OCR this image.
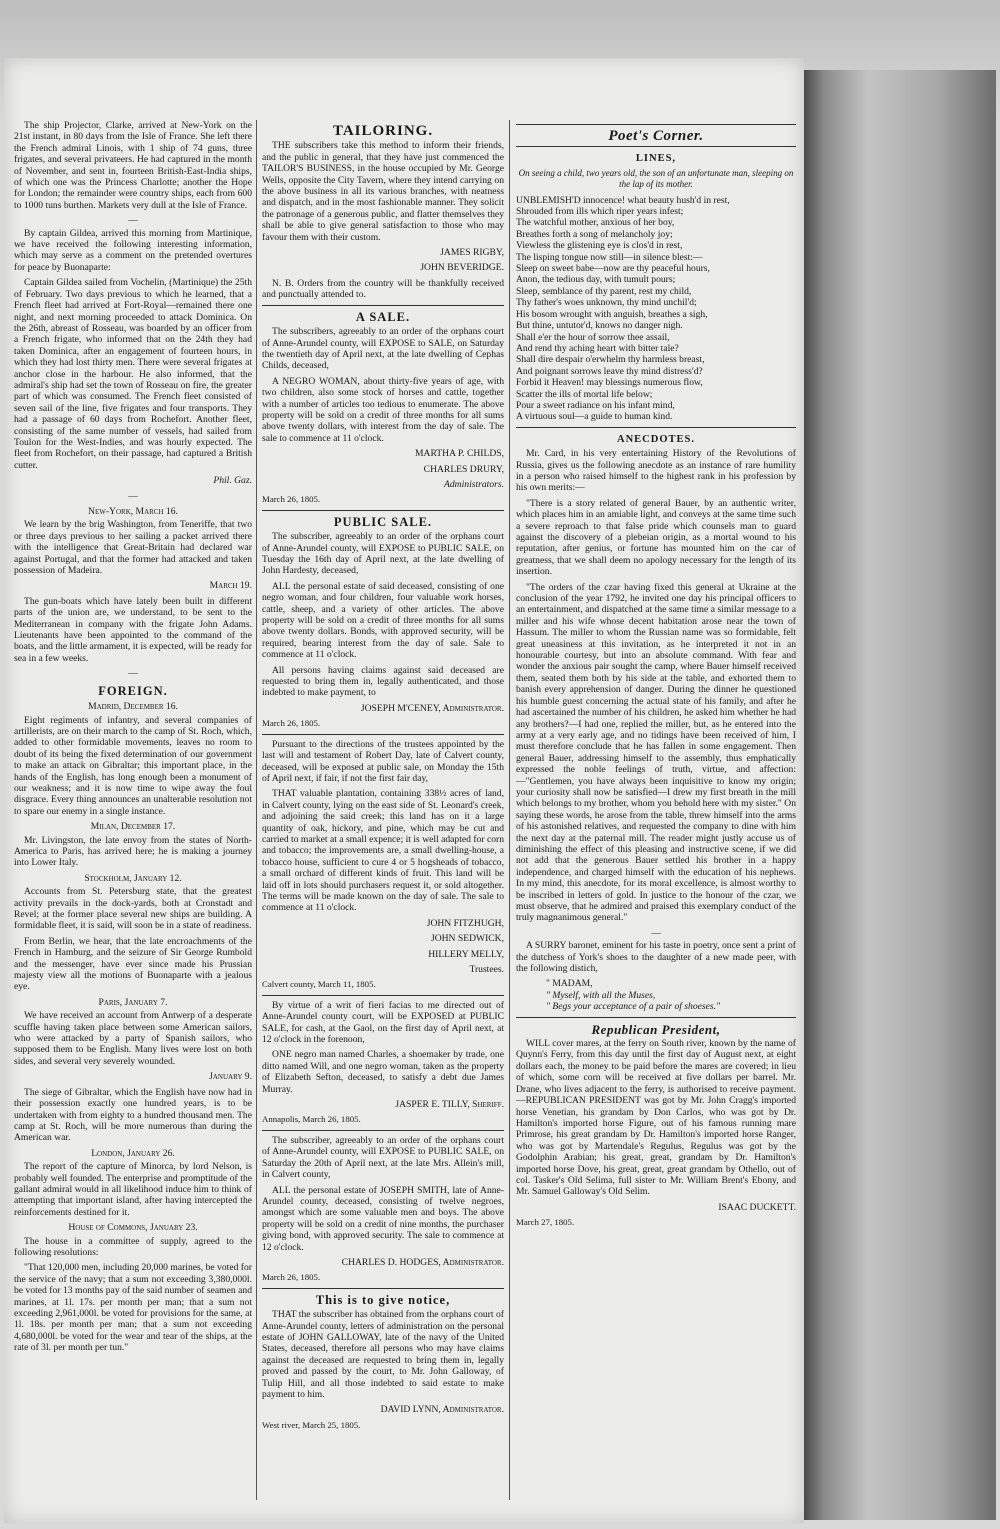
The ship Projector, Clarke, arrived at New-York on the 21st instant, in 80 days from the Isle of France. She left there the French admiral Linois, with 1 ship of 74 guns, three frigates, and several privateers. He had captured in the month of November, and sent in, fourteen British-East-India ships, of which one was the Princess Charlotte; another the Hope for London; the remainder were country ships, each from 600 to 1000 tuns burthen. Markets very dull at the Isle of France.

—

By captain Gildea, arrived this morning from Martinique, we have received the following interesting information, which may serve as a comment on the pretended overtures for peace by Buonaparte:

Captain Gildea sailed from Vochelin, (Martinique) the 25th of February. Two days previous to which he learned, that a French fleet had arrived at Fort-Royal—remained there one night, and next morning proceeded to attack Dominica. On the 26th, abreast of Rosseau, was boarded by an officer from a French frigate, who informed that on the 24th they had taken Dominica, after an engagement of fourteen hours, in which they had lost thirty men. There were several frigates at anchor close in the harbour. He also informed, that the admiral's ship had set the town of Rosseau on fire, the greater part of which was consumed. The French fleet consisted of seven sail of the line, five frigates and four transports. They had a passage of 60 days from Rochefort. Another fleet, consisting of the same number of vessels, had sailed from Toulon for the West-Indies, and was hourly expected. The fleet from Rochefort, on their passage, had captured a British cutter.

Phil. Gaz.

—

New-York, March 16.

We learn by the brig Washington, from Teneriffe, that two or three days previous to her sailing a packet arrived there with the intelligence that Great-Britain had declared war against Portugal, and that the former had attacked and taken possession of Madeira.

March 19.

The gun-boats which have lately been built in different parts of the union are, we understand, to be sent to the Mediterranean in company with the frigate John Adams. Lieutenants have been appointed to the command of the boats, and the little armament, it is expected, will be ready for sea in a few weeks.

—

FOREIGN.

Madrid, December 16.

Eight regiments of infantry, and several companies of artillerists, are on their march to the camp of St. Roch, which, added to other formidable movements, leaves no room to doubt of its being the fixed determination of our government to make an attack on Gibraltar; this important place, in the hands of the English, has long enough been a monument of our weakness; and it is now time to wipe away the foul disgrace. Every thing announces an unalterable resolution not to spare our enemy in a single instance.

Milan, December 17.

Mr. Livingston, the late envoy from the states of North-America to Paris, has arrived here; he is making a journey into Lower Italy.

Stockholm, January 12.

Accounts from St. Petersburg state, that the greatest activity prevails in the dock-yards, both at Cronstadt and Revel; at the former place several new ships are building. A formidable fleet, it is said, will soon be in a state of readiness.

From Berlin, we hear, that the late encroachments of the French in Hamburg, and the seizure of Sir George Rumbold and the messenger, have ever since made his Prussian majesty view all the motions of Buonaparte with a jealous eye.

Paris, January 7.

We have received an account from Antwerp of a desperate scuffle having taken place between some American sailors, who were attacked by a party of Spanish sailors, who supposed them to be English. Many lives were lost on both sides, and several very severely wounded.

January 9.

The siege of Gibraltar, which the English have now had in their possession exactly one hundred years, is to be undertaken with from eighty to a hundred thousand men. The camp at St. Roch, will be more numerous than during the American war.

London, January 26.

The report of the capture of Minorca, by lord Nelson, is probably well founded. The enterprise and promptitude of the gallant admiral would in all likelihood induce him to think of attempting that important island, after having intercepted the reinforcements destined for it.

House of Commons, January 23.

The house in a committee of supply, agreed to the following resolutions:

"That 120,000 men, including 20,000 marines, be voted for the service of the navy; that a sum not exceeding 3,380,000l. be voted for 13 months pay of the said number of seamen and marines, at 1l. 17s. per month per man; that a sum not exceeding 2,961,000l. be voted for provisions for the same, at 1l. 18s. per month per man; that a sum not exceeding 4,680,000l. be voted for the wear and tear of the ships, at the rate of 3l. per month per tun."

TAILORING.

THE subscribers take this method to inform their friends, and the public in general, that they have just commenced the TAILOR'S BUSINESS, in the house occupied by Mr. George Wells, opposite the City Tavern, where they intend carrying on the above business in all its various branches, with neatness and dispatch, and in the most fashionable manner. They solicit the patronage of a generous public, and flatter themselves they shall be able to give general satisfaction to those who may favour them with their custom.

JAMES RIGBY,

JOHN BEVERIDGE.

N. B. Orders from the country will be thankfully received and punctually attended to.

A SALE.

The subscribers, agreeably to an order of the orphans court of Anne-Arundel county, will EXPOSE to SALE, on Saturday the twentieth day of April next, at the late dwelling of Cephas Childs, deceased,

A NEGRO WOMAN, about thirty-five years of age, with two children, also some stock of horses and cattle, together with a number of articles too tedious to enumerate. The above property will be sold on a credit of three months for all sums above twenty dollars, with interest from the day of sale. The sale to commence at 11 o'clock.

MARTHA P. CHILDS,

CHARLES DRURY,

Administrators.

March 26, 1805.

PUBLIC SALE.

The subscriber, agreeably to an order of the orphans court of Anne-Arundel county, will EXPOSE to PUBLIC SALE, on Tuesday the 16th day of April next, at the late dwelling of John Hardesty, deceased,

ALL the personal estate of said deceased, consisting of one negro woman, and four children, four valuable work horses, cattle, sheep, and a variety of other articles. The above property will be sold on a credit of three months for all sums above twenty dollars. Bonds, with approved security, will be required, bearing interest from the day of sale. Sale to commence at 11 o'clock.

All persons having claims against said deceased are requested to bring them in, legally authenticated, and those indebted to make payment, to

JOSEPH M'CENEY, Administrator.

March 26, 1805.

Pursuant to the directions of the trustees appointed by the last will and testament of Robert Day, late of Calvert county, deceased, will be exposed at public sale, on Monday the 15th of April next, if fair, if not the first fair day,

THAT valuable plantation, containing 338½ acres of land, in Calvert county, lying on the east side of St. Leonard's creek, and adjoining the said creek; this land has on it a large quantity of oak, hickory, and pine, which may be cut and carried to market at a small expence; it is well adapted for corn and tobacco; the improvements are, a small dwelling-house, a tobacco house, sufficient to cure 4 or 5 hogsheads of tobacco, a small orchard of different kinds of fruit. This land will be laid off in lots should purchasers request it, or sold altogether. The terms will be made known on the day of sale. The sale to commence at 11 o'clock.

JOHN FITZHUGH,

JOHN SEDWICK,

HILLERY MELLY,

Trustees.

Calvert county, March 11, 1805.

By virtue of a writ of fieri facias to me directed out of Anne-Arundel county court, will be EXPOSED at PUBLIC SALE, for cash, at the Gaol, on the first day of April next, at 12 o'clock in the forenoon,

ONE negro man named Charles, a shoemaker by trade, one ditto named Will, and one negro woman, taken as the property of Elizabeth Sefton, deceased, to satisfy a debt due James Murray.

JASPER E. TILLY, Sheriff.

Annapolis, March 26, 1805.

The subscriber, agreeably to an order of the orphans court of Anne-Arundel county, will EXPOSE to PUBLIC SALE, on Saturday the 20th of April next, at the late Mrs. Allein's mill, in Calvert county,

ALL the personal estate of JOSEPH SMITH, late of Anne-Arundel county, deceased, consisting of twelve negroes, amongst which are some valuable men and boys. The above property will be sold on a credit of nine months, the purchaser giving bond, with approved security. The sale to commence at 12 o'clock.

CHARLES D. HODGES, Administrator.

March 26, 1805.

This is to give notice,

THAT the subscriber has obtained from the orphans court of Anne-Arundel county, letters of administration on the personal estate of JOHN GALLOWAY, late of the navy of the United States, deceased, therefore all persons who may have claims against the deceased are requested to bring them in, legally proved and passed by the court, to Mr. John Galloway, of Tulip Hill, and all those indebted to said estate to make payment to him.

DAVID LYNN, Administrator.

West river, March 25, 1805.

Poet's Corner.

LINES,

On seeing a child, two years old, the son of an unfortunate man, sleeping on the lap of its mother.

UNBLEMISH'D innocence! what beauty hush'd in rest,

Shrouded from ills which riper years infest;

The watchful mother, anxious of her boy,

Breathes forth a song of melancholy joy;

Viewless the glistening eye is clos'd in rest,

The lisping tongue now still—in silence blest:—

Sleep on sweet babe—now are thy peaceful hours,

Anon, the tedious day, with tumult pours;

Sleep, semblance of thy parent, rest my child,

Thy father's woes unknown, thy mind unchil'd;

His bosom wrought with anguish, breathes a sigh,

But thine, untutor'd, knows no danger nigh.

Shall e'er the hour of sorrow thee assail,

And rend thy aching heart with bitter tale?

Shall dire despair o'erwhelm thy harmless breast,

And poignant sorrows leave thy mind distress'd?

Forbid it Heaven! may blessings numerous flow,

Scatter the ills of mortal life below;

Pour a sweet radiance on his infant mind,

A virtuous soul—a guide to human kind.

ANECDOTES.

Mr. Card, in his very entertaining History of the Revolutions of Russia, gives us the following anecdote as an instance of rare humility in a person who raised himself to the highest rank in his profession by his own merits:—

"There is a story related of general Bauer, by an authentic writer, which places him in an amiable light, and conveys at the same time such a severe reproach to that false pride which counsels man to guard against the discovery of a plebeian origin, as a mortal wound to his reputation, after genius, or fortune has mounted him on the car of greatness, that we shall deem no apology necessary for the length of its insertion.

"The orders of the czar having fixed this general at Ukraine at the conclusion of the year 1792, he invited one day his principal officers to an entertainment, and dispatched at the same time a similar message to a miller and his wife whose decent habitation arose near the town of Hassum. The miller to whom the Russian name was so formidable, felt great uneasiness at this invitation, as he interpreted it not in an honourable courtesy, but into an absolute command. With fear and wonder the anxious pair sought the camp, where Bauer himself received them, seated them both by his side at the table, and exhorted them to banish every apprehension of danger. During the dinner he questioned his humble guest concerning the actual state of his family, and after he had ascertained the number of his children, he asked him whether he had any brothers?—I had one, replied the miller, but, as he entered into the army at a very early age, and no tidings have been received of him, I must therefore conclude that he has fallen in some engagement. Then general Bauer, addressing himself to the assembly, thus emphatically expressed the noble feelings of truth, virtue, and affection:—"Gentlemen, you have always been inquisitive to know my origin; your curiosity shall now be satisfied—I drew my first breath in the mill which belongs to my brother, whom you behold here with my sister." On saying these words, he arose from the table, threw himself into the arms of his astonished relatives, and requested the company to dine with him the next day at the paternal mill. The reader might justly accuse us of diminishing the effect of this pleasing and instructive scene, if we did not add that the generous Bauer settled his brother in a happy independence, and charged himself with the education of his nephews. In my mind, this anecdote, for its moral excellence, is almost worthy to be inscribed in letters of gold. In justice to the honour of the czar, we must observe, that he admired and praised this exemplary conduct of the truly magnanimous general."

—

A SURRY baronet, eminent for his taste in poetry, once sent a print of the dutchess of York's shoes to the daughter of a new made peer, with the following distich,

" MADAM,

" Myself, with all the Muses,

" Begs your acceptance of a pair of shoeses."

Republican President,

WILL cover mares, at the ferry on South river, known by the name of Quynn's Ferry, from this day until the first day of August next, at eight dollars each, the money to be paid before the mares are covered; in lieu of which, some corn will be received at five dollars per barrel. Mr. Drane, who lives adjacent to the ferry, is authorised to receive payment.—REPUBLICAN PRESIDENT was got by Mr. John Cragg's imported horse Venetian, his grandam by Don Carlos, who was got by Dr. Hamilton's imported horse Figure, out of his famous running mare Primrose, his great grandam by Dr. Hamilton's imported horse Ranger, who was got by Martendale's Regulus, Regulus was got by the Godolphin Arabian; his great, great, grandam by Dr. Hamilton's imported horse Dove, his great, great, great grandam by Othello, out of col. Tasker's Old Selima, full sister to Mr. William Brent's Ebony, and Mr. Samuel Galloway's Old Selim.

ISAAC DUCKETT.

March 27, 1805.
